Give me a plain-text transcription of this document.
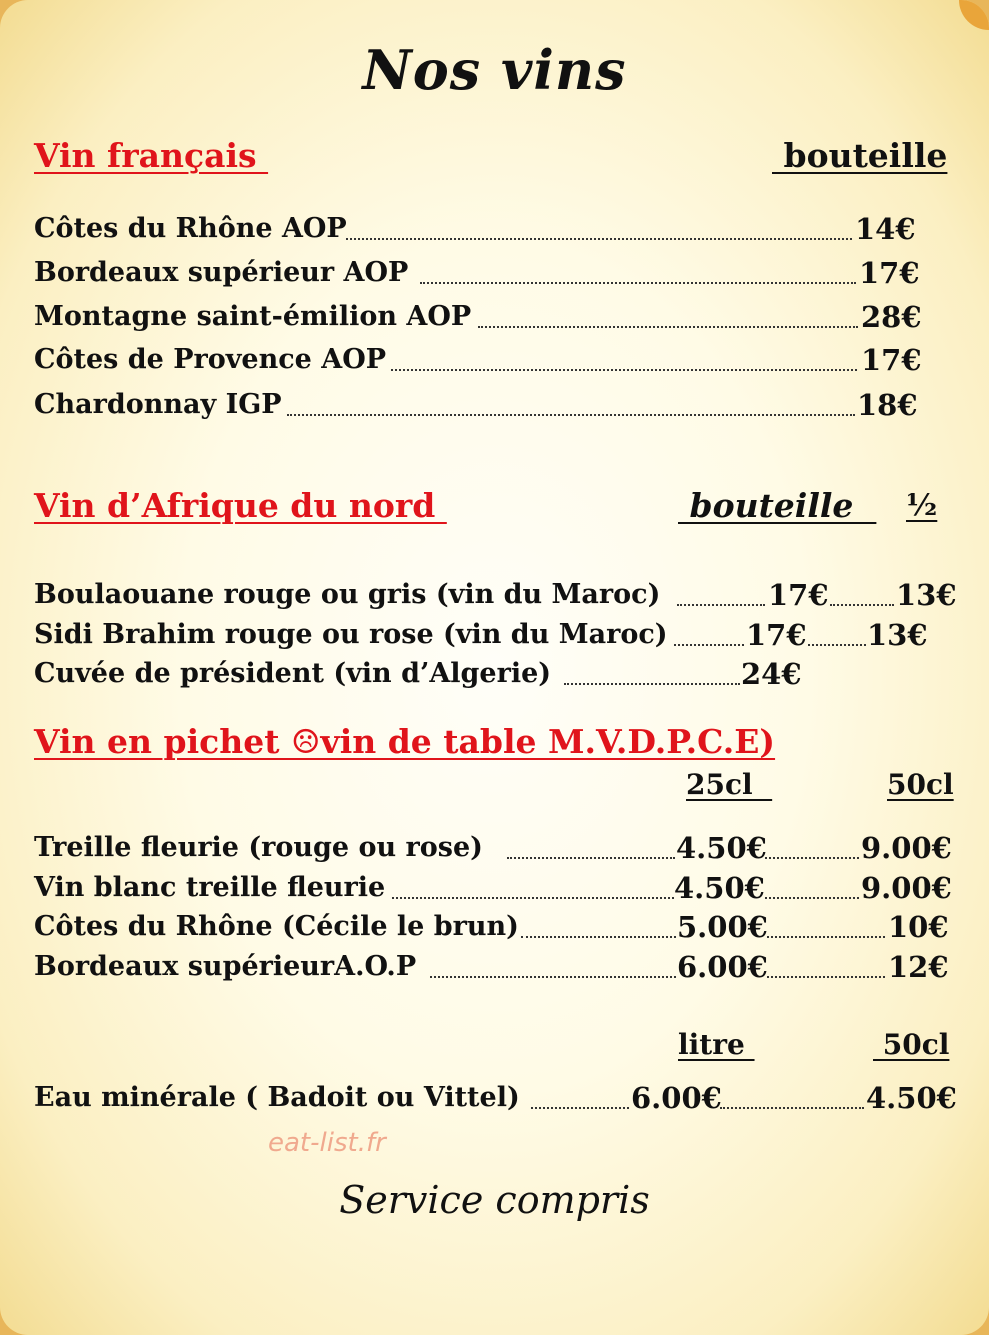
Nos vins
Vin français	bouteille
Côtes du Rhône AOP	14€
Bordeaux supérieur AOP	17€
Montagne saint-émilion AOP	28€
Côtes de Provence AOP	17€
Chardonnay IGP	18€
Vin d’Afrique du nord	bouteille ½
Boulaouane rouge ou gris (vin du Maroc)	17€ 13€
Sidi Brahim rouge ou rose (vin du Maroc)	17€ 13€
Cuvée de président (vin d’Algerie)	24€
Vin en pichet ☹vin de table M.V.D.P.C.E)
25cl	50cl
Treille fleurie (rouge ou rose)	4.50€	9.00€
Vin blanc treille fleurie	4.50€	9.00€
Côtes du Rhône (Cécile le brun)	5.00€	10€
Bordeaux supérieurA.O.P	6.00€	12€
litre	50cl
Eau minérale ( Badoit ou Vittel)	6.00€	4.50€
eat-list.fr
Service compris
